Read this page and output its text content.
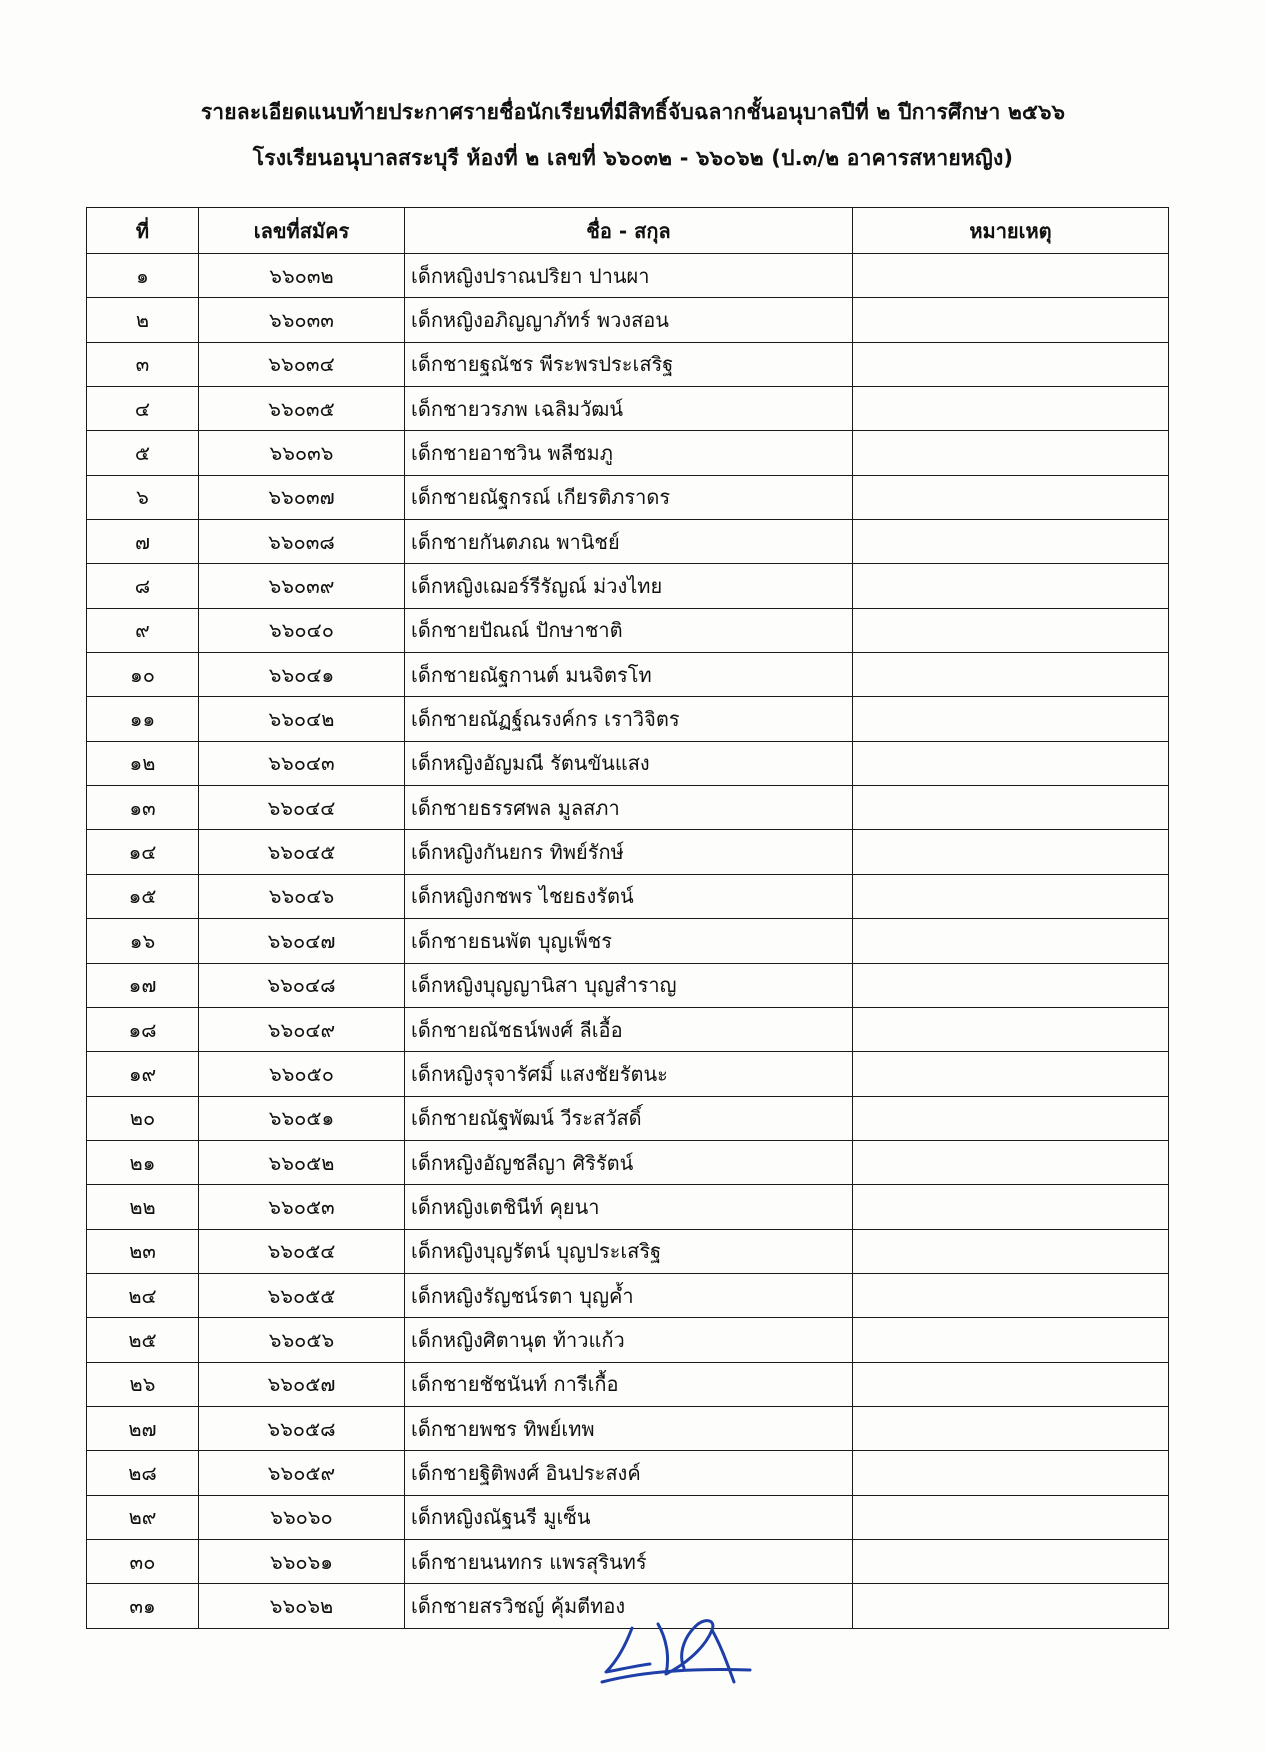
รายละเอียดแนบท้ายประกาศรายชื่อนักเรียนที่มีสิทธิ์จับฉลากชั้นอนุบาลปีที่ ๒ ปีการศึกษา ๒๕๖๖
โรงเรียนอนุบาลสระบุรี ห้องที่ ๒ เลขที่ ๖๖๐๓๒ - ๖๖๐๖๒ (ป.๓/๒ อาคารสหายหญิง)
ที่	เลขที่สมัคร	ชื่อ - สกุล	หมายเหตุ
๑	๖๖๐๓๒	เด็กหญิงปราณปริยา ปานผา	
๒	๖๖๐๓๓	เด็กหญิงอภิญญาภัทร์ พวงสอน	
๓	๖๖๐๓๔	เด็กชายฐณัชร พีระพรประเสริฐ	
๔	๖๖๐๓๕	เด็กชายวรภพ เฉลิมวัฒน์	
๕	๖๖๐๓๖	เด็กชายอาชวิน พลีชมภู	
๖	๖๖๐๓๗	เด็กชายณัฐกรณ์ เกียรติภราดร	
๗	๖๖๐๓๘	เด็กชายกันตภณ พานิชย์	
๘	๖๖๐๓๙	เด็กหญิงเฌอร์รีรัญณ์ ม่วงไทย	
๙	๖๖๐๔๐	เด็กชายปัณณ์ ปักษาชาติ	
๑๐	๖๖๐๔๑	เด็กชายณัฐกานต์ มนจิตรโท	
๑๑	๖๖๐๔๒	เด็กชายณัฏฐ์ณรงค์กร เราวิจิตร	
๑๒	๖๖๐๔๓	เด็กหญิงอัญมณี รัตนขันแสง	
๑๓	๖๖๐๔๔	เด็กชายธรรศพล มูลสภา	
๑๔	๖๖๐๔๕	เด็กหญิงกันยกร ทิพย์รักษ์	
๑๕	๖๖๐๔๖	เด็กหญิงกชพร ไชยธงรัตน์	
๑๖	๖๖๐๔๗	เด็กชายธนพัต บุญเพ็ชร	
๑๗	๖๖๐๔๘	เด็กหญิงบุญญานิสา บุญสำราญ	
๑๘	๖๖๐๔๙	เด็กชายณัชธน์พงศ์ ลีเอื้อ	
๑๙	๖๖๐๕๐	เด็กหญิงรุจารัศมิ์ แสงชัยรัตนะ	
๒๐	๖๖๐๕๑	เด็กชายณัฐพัฒน์ วีระสวัสดิ์	
๒๑	๖๖๐๕๒	เด็กหญิงอัญชลีญา ศิริรัตน์	
๒๒	๖๖๐๕๓	เด็กหญิงเตชินีท์ คุยนา	
๒๓	๖๖๐๕๔	เด็กหญิงบุญรัตน์ บุญประเสริฐ	
๒๔	๖๖๐๕๕	เด็กหญิงรัญชน์รตา บุญค้ำ	
๒๕	๖๖๐๕๖	เด็กหญิงศิตานุต ท้าวแก้ว	
๒๖	๖๖๐๕๗	เด็กชายชัชนันท์ การีเกื้อ	
๒๗	๖๖๐๕๘	เด็กชายพชร ทิพย์เทพ	
๒๘	๖๖๐๕๙	เด็กชายฐิติพงศ์ อินประสงค์	
๒๙	๖๖๐๖๐	เด็กหญิงณัฐนรี มูเซ็น	
๓๐	๖๖๐๖๑	เด็กชายนนทกร แพรสุรินทร์	
๓๑	๖๖๐๖๒	เด็กชายสรวิชญ์ คุ้มตีทอง	
